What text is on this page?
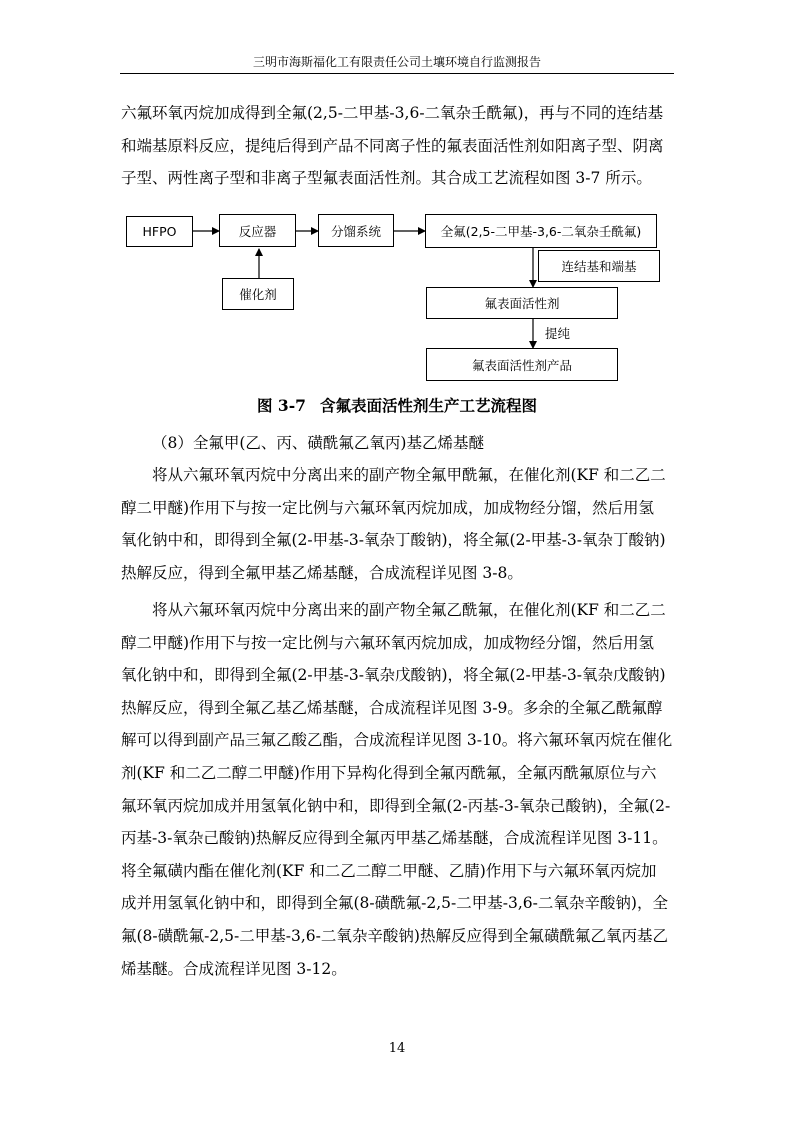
三明市海斯福化工有限责任公司土壤环境自行监测报告
六氟环氧丙烷加成得到全氟(2,5-二甲基-3,6-二氧杂壬酰氟)，再与不同的连结基
和端基原料反应，提纯后得到产品不同离子性的氟表面活性剂如阳离子型、阴离
子型、两性离子型和非离子型氟表面活性剂。其合成工艺流程如图 3-7 所示。
HFPO	反应器	分馏系统	全氟(2,5-二甲基-3,6-二氧杂壬酰氟)
连结基和端基
催化剂
氟表面活性剂
提纯
氟表面活性剂产品
图 3-7 含氟表面活性剂生产工艺流程图
（8）全氟甲(乙、丙、磺酰氟乙氧丙)基乙烯基醚
将从六氟环氧丙烷中分离出来的副产物全氟甲酰氟，在催化剂(KF 和二乙二
醇二甲醚)作用下与按一定比例与六氟环氧丙烷加成，加成物经分馏，然后用氢
氧化钠中和，即得到全氟(2-甲基-3-氧杂丁酸钠)，将全氟(2-甲基-3-氧杂丁酸钠)
热解反应，得到全氟甲基乙烯基醚，合成流程详见图 3-8。
将从六氟环氧丙烷中分离出来的副产物全氟乙酰氟，在催化剂(KF 和二乙二
醇二甲醚)作用下与按一定比例与六氟环氧丙烷加成，加成物经分馏，然后用氢
氧化钠中和，即得到全氟(2-甲基-3-氧杂戊酸钠)，将全氟(2-甲基-3-氧杂戊酸钠)
热解反应，得到全氟乙基乙烯基醚，合成流程详见图 3-9。多余的全氟乙酰氟醇
解可以得到副产品三氟乙酸乙酯，合成流程详见图 3-10。将六氟环氧丙烷在催化
剂(KF 和二乙二醇二甲醚)作用下异构化得到全氟丙酰氟，全氟丙酰氟原位与六
氟环氧丙烷加成并用氢氧化钠中和，即得到全氟(2-丙基-3-氧杂己酸钠)，全氟(2-
丙基-3-氧杂己酸钠)热解反应得到全氟丙甲基乙烯基醚，合成流程详见图 3-11。
将全氟磺内酯在催化剂(KF 和二乙二醇二甲醚、乙腈)作用下与六氟环氧丙烷加
成并用氢氧化钠中和，即得到全氟(8-磺酰氟-2,5-二甲基-3,6-二氧杂辛酸钠)，全
氟(8-磺酰氟-2,5-二甲基-3,6-二氧杂辛酸钠)热解反应得到全氟磺酰氟乙氧丙基乙
烯基醚。合成流程详见图 3-12。
14
